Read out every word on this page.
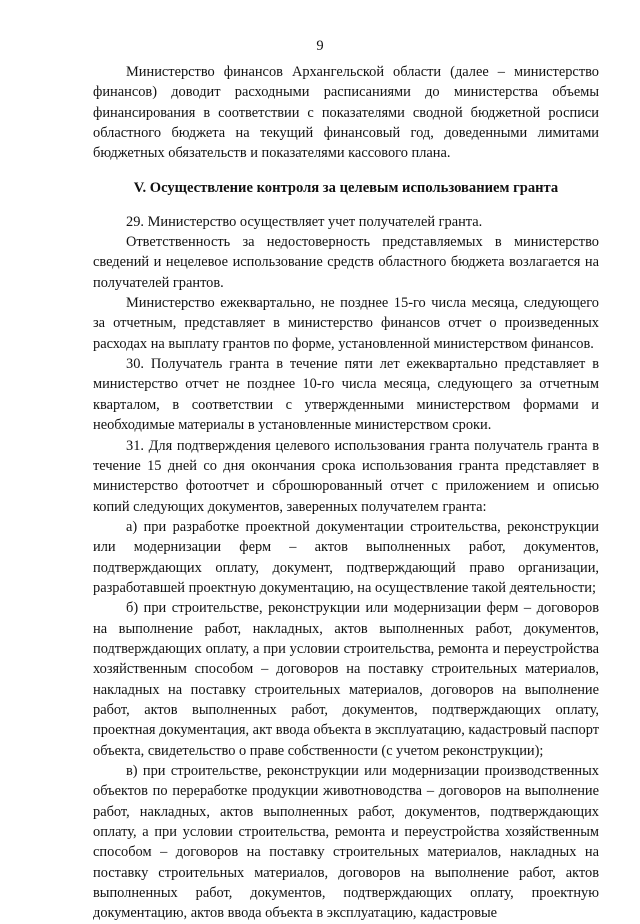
9

Министерство финансов Архангельской области (далее – министерство финансов) доводит расходными расписаниями до министерства объемы финансирования в соответствии с показателями сводной бюджетной росписи областного бюджета на текущий финансовый год, доведенными лимитами бюджетных обязательств и показателями кассового плана.

V. Осуществление контроля за целевым использованием гранта

29. Министерство осуществляет учет получателей гранта.

Ответственность за недостоверность представляемых в министерство сведений и нецелевое использование средств областного бюджета возлагается на получателей грантов.

Министерство ежеквартально, не позднее 15-го числа месяца, следующего за отчетным, представляет в министерство финансов отчет о произведенных расходах на выплату грантов по форме, установленной министерством финансов.

30. Получатель гранта в течение пяти лет ежеквартально представляет в министерство отчет не позднее 10-го числа месяца, следующего за отчетным кварталом, в соответствии с утвержденными министерством формами и необходимые материалы в установленные министерством сроки.

31. Для подтверждения целевого использования гранта получатель гранта в течение 15 дней со дня окончания срока использования гранта представляет в министерство фотоотчет и сброшюрованный отчет с приложением и описью копий следующих документов, заверенных получателем гранта:

а) при разработке проектной документации строительства, реконструкции или модернизации ферм – актов выполненных работ, документов, подтверждающих оплату, документ, подтверждающий право организации, разработавшей проектную документацию, на осуществление такой деятельности;

б) при строительстве, реконструкции или модернизации ферм – договоров на выполнение работ, накладных, актов выполненных работ, документов, подтверждающих оплату, а при условии строительства, ремонта и переустройства хозяйственным способом – договоров на поставку строительных материалов, накладных на поставку строительных материалов, договоров на выполнение работ, актов выполненных работ, документов, подтверждающих оплату, проектная документация, акт ввода объекта в эксплуатацию, кадастровый паспорт объекта, свидетельство о праве собственности (с учетом реконструкции);

в) при строительстве, реконструкции или модернизации производственных объектов по переработке продукции животноводства – договоров на выполнение работ, накладных, актов выполненных работ, документов, подтверждающих оплату, а при условии строительства, ремонта и переустройства хозяйственным способом – договоров на поставку строительных материалов, накладных на поставку строительных материалов, договоров на выполнение работ, актов выполненных работ, документов, подтверждающих оплату, проектную документацию, актов ввода объекта в эксплуатацию, кадастровые
